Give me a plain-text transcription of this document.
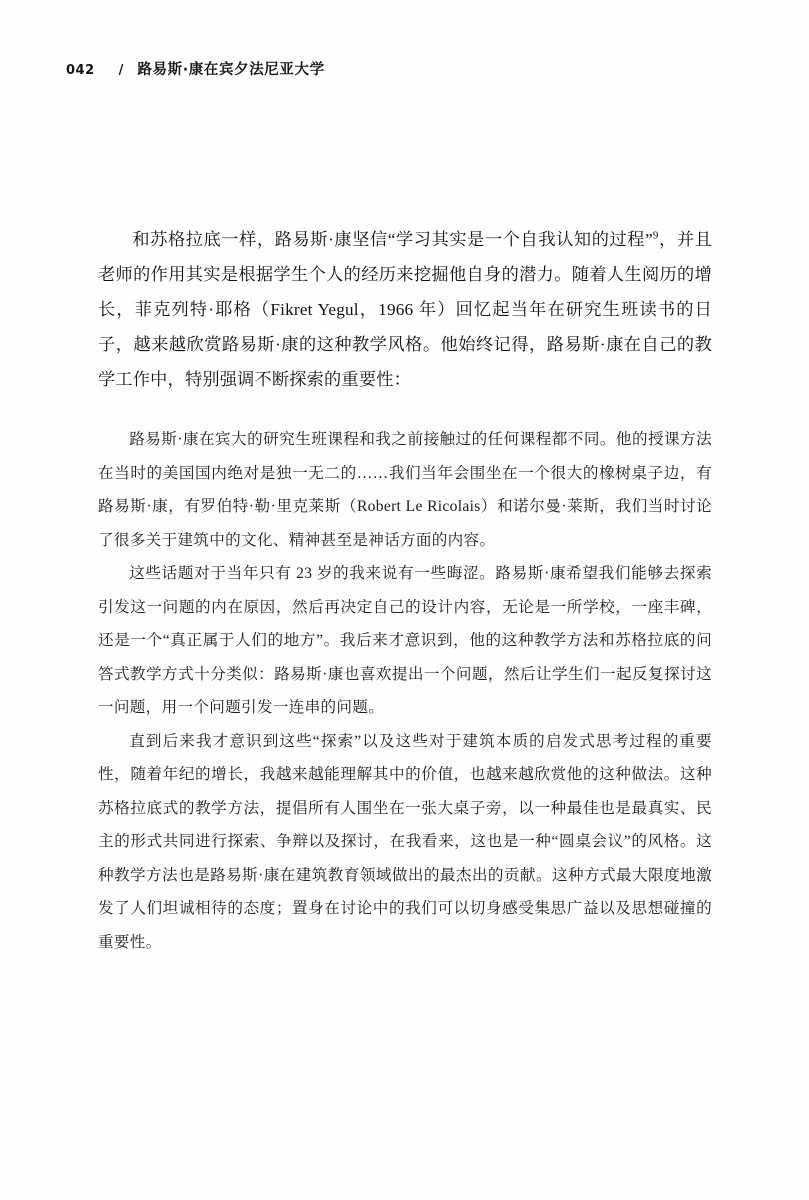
042 / 路易斯·康在宾夕法尼亚大学

和苏格拉底一样，路易斯·康坚信“学习其实是一个自我认知的过程”$^9$，并且老师的作用其实是根据学生个人的经历来挖掘他自身的潜力。随着人生阅历的增长，菲克列特·耶格（Fikret Yegul，1966 年）回忆起当年在研究生班读书的日子，越来越欣赏路易斯·康的这种教学风格。他始终记得，路易斯·康在自己的教学工作中，特别强调不断探索的重要性：

路易斯·康在宾大的研究生班课程和我之前接触过的任何课程都不同。他的授课方法在当时的美国国内绝对是独一无二的……我们当年会围坐在一个很大的橡树桌子边，有路易斯·康，有罗伯特·勒·里克莱斯（Robert Le Ricolais）和诺尔曼·莱斯，我们当时讨论了很多关于建筑中的文化、精神甚至是神话方面的内容。

这些话题对于当年只有 23 岁的我来说有一些晦涩。路易斯·康希望我们能够去探索引发这一问题的内在原因，然后再决定自己的设计内容，无论是一所学校，一座丰碑，还是一个“真正属于人们的地方”。我后来才意识到，他的这种教学方法和苏格拉底的问答式教学方式十分类似：路易斯·康也喜欢提出一个问题，然后让学生们一起反复探讨这一问题，用一个问题引发一连串的问题。

直到后来我才意识到这些“探索”以及这些对于建筑本质的启发式思考过程的重要性，随着年纪的增长，我越来越能理解其中的价值，也越来越欣赏他的这种做法。这种苏格拉底式的教学方法，提倡所有人围坐在一张大桌子旁，以一种最佳也是最真实、民主的形式共同进行探索、争辩以及探讨，在我看来，这也是一种“圆桌会议”的风格。这种教学方法也是路易斯·康在建筑教育领域做出的最杰出的贡献。这种方式最大限度地激发了人们坦诚相待的态度；置身在讨论中的我们可以切身感受集思广益以及思想碰撞的重要性。
